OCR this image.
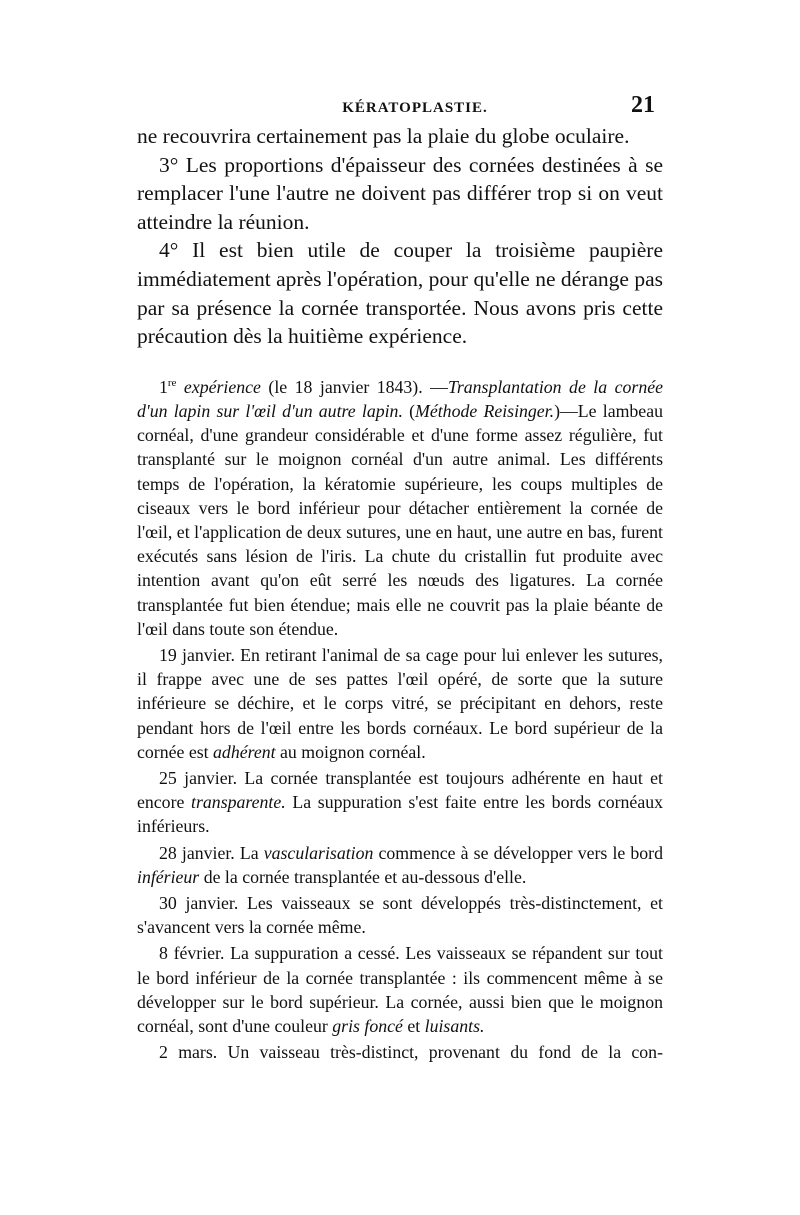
KÉRATOPLASTIE.	21

ne recouvrira certainement pas la plaie du globe oculaire.

3° Les proportions d'épaisseur des cornées destinées à se remplacer l'une l'autre ne doivent pas différer trop si on veut atteindre la réunion.

4° Il est bien utile de couper la troisième paupière immédiatement après l'opération, pour qu'elle ne dérange pas par sa présence la cornée transportée. Nous avons pris cette précaution dès la huitième expérience.

1re expérience (le 18 janvier 1843). —Transplantation de la cornée d'un lapin sur l'œil d'un autre lapin. (Méthode Reisinger.)—Le lambeau cornéal, d'une grandeur considérable et d'une forme assez régulière, fut transplanté sur le moignon cornéal d'un autre animal. Les différents temps de l'opération, la kératomie supérieure, les coups multiples de ciseaux vers le bord inférieur pour détacher entièrement la cornée de l'œil, et l'application de deux sutures, une en haut, une autre en bas, furent exécutés sans lésion de l'iris. La chute du cristallin fut produite avec intention avant qu'on eût serré les nœuds des ligatures. La cornée transplantée fut bien étendue; mais elle ne couvrit pas la plaie béante de l'œil dans toute son étendue.

19 janvier. En retirant l'animal de sa cage pour lui enlever les sutures, il frappe avec une de ses pattes l'œil opéré, de sorte que la suture inférieure se déchire, et le corps vitré, se précipitant en dehors, reste pendant hors de l'œil entre les bords cornéaux. Le bord supérieur de la cornée est adhérent au moignon cornéal.

25 janvier. La cornée transplantée est toujours adhérente en haut et encore transparente. La suppuration s'est faite entre les bords cornéaux inférieurs.

28 janvier. La vascularisation commence à se développer vers le bord inférieur de la cornée transplantée et au-dessous d'elle.

30 janvier. Les vaisseaux se sont développés très-distinctement, et s'avancent vers la cornée même.

8 février. La suppuration a cessé. Les vaisseaux se répandent sur tout le bord inférieur de la cornée transplantée : ils commencent même à se développer sur le bord supérieur. La cornée, aussi bien que le moignon cornéal, sont d'une couleur gris foncé et luisants.

2 mars. Un vaisseau très-distinct, provenant du fond de la con-
